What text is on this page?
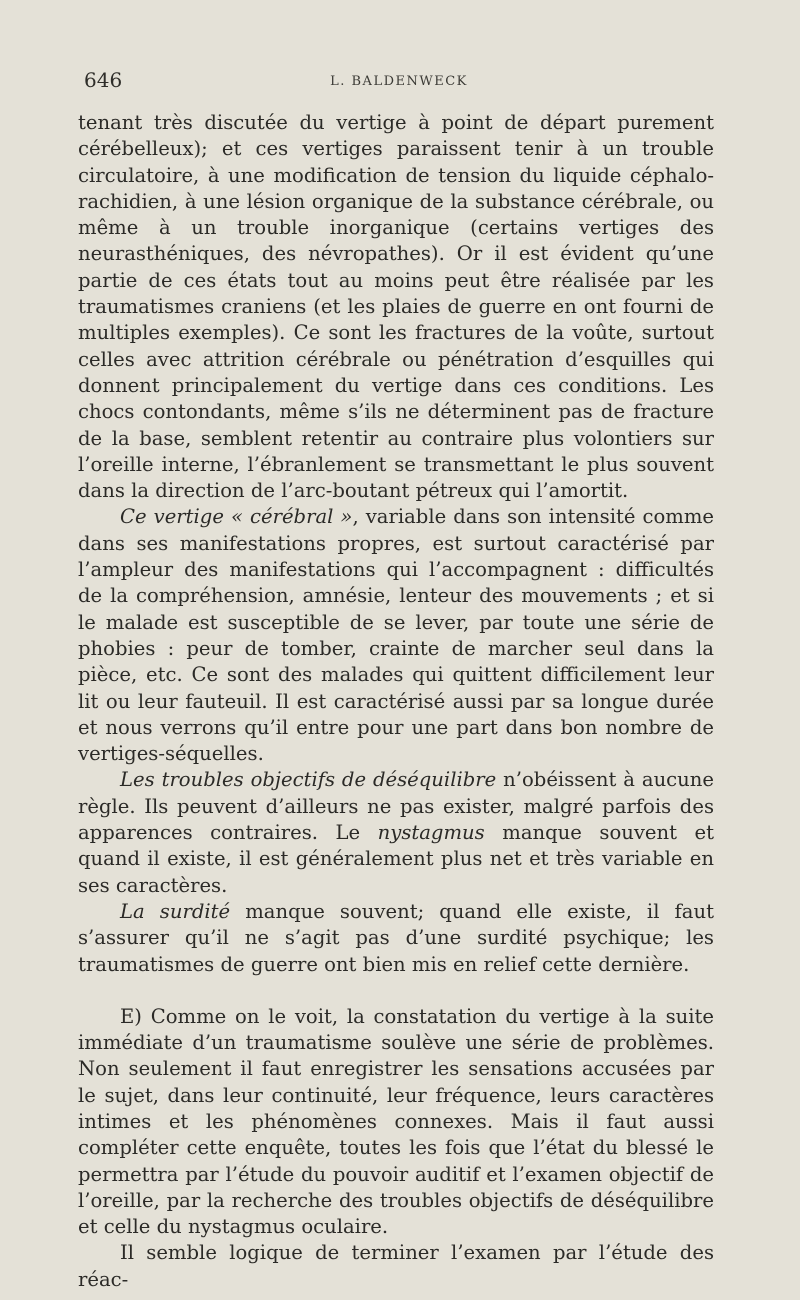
646	L. BALDENWECK

tenant très discutée du vertige à point de départ purement cérébelleux); et ces vertiges paraissent tenir à un trouble circulatoire, à une modification de tension du liquide céphalo-rachidien, à une lésion organique de la substance cérébrale, ou même à un trouble inorganique (certains vertiges des neurasthéniques, des névropathes). Or il est évident qu’une partie de ces états tout au moins peut être réalisée par les traumatismes craniens (et les plaies de guerre en ont fourni de multiples exemples). Ce sont les fractures de la voûte, surtout celles avec attrition cérébrale ou pénétration d’esquilles qui donnent principalement du vertige dans ces conditions. Les chocs contondants, même s’ils ne déterminent pas de fracture de la base, semblent retentir au contraire plus volontiers sur l’oreille interne, l’ébranlement se transmettant le plus souvent dans la direction de l’arc-boutant pétreux qui l’amortit.

Ce vertige « cérébral », variable dans son intensité comme dans ses manifestations propres, est surtout caractérisé par l’ampleur des manifestations qui l’accompagnent : difficultés de la compréhension, amnésie, lenteur des mouvements ; et si le malade est susceptible de se lever, par toute une série de phobies : peur de tomber, crainte de marcher seul dans la pièce, etc. Ce sont des malades qui quittent difficilement leur lit ou leur fauteuil. Il est caractérisé aussi par sa longue durée et nous verrons qu’il entre pour une part dans bon nombre de vertiges-séquelles.

Les troubles objectifs de déséquilibre n’obéissent à aucune règle. Ils peuvent d’ailleurs ne pas exister, malgré parfois des apparences contraires. Le nystagmus manque souvent et quand il existe, il est généralement plus net et très variable en ses caractères.

La surdité manque souvent; quand elle existe, il faut s’assurer qu’il ne s’agit pas d’une surdité psychique; les traumatismes de guerre ont bien mis en relief cette dernière.

E) Comme on le voit, la constatation du vertige à la suite immédiate d’un traumatisme soulève une série de problèmes. Non seulement il faut enregistrer les sensations accusées par le sujet, dans leur continuité, leur fréquence, leurs caractères intimes et les phénomènes connexes. Mais il faut aussi compléter cette enquête, toutes les fois que l’état du blessé le permettra par l’étude du pouvoir auditif et l’examen objectif de l’oreille, par la recherche des troubles objectifs de déséquilibre et celle du nystagmus oculaire.

Il semble logique de terminer l’examen par l’étude des réac-
